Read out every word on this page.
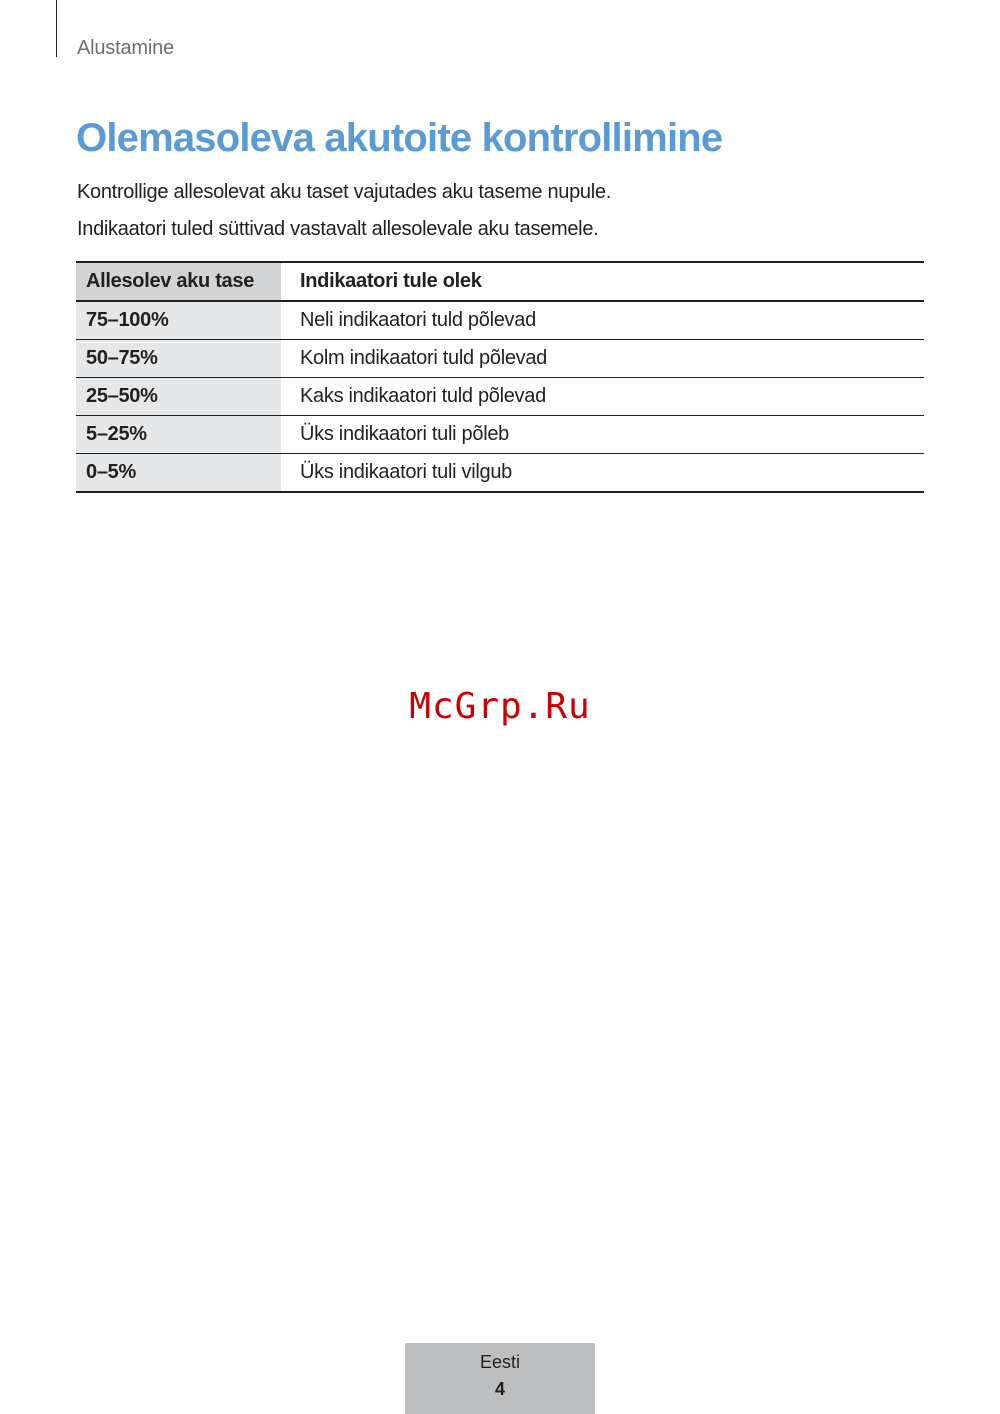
Alustamine
Olemasoleva akutoite kontrollimine

Kontrollige allesolevat aku taset vajutades aku taseme nupule.

Indikaatori tuled süttivad vastavalt allesolevale aku tasemele.

Allesolev aku tase	Indikaatori tule olek
75–100%	Neli indikaatori tuld põlevad
50–75%	Kolm indikaatori tuld põlevad
25–50%	Kaks indikaatori tuld põlevad
5–25%	Üks indikaatori tuli põleb
0–5%	Üks indikaatori tuli vilgub
McGrp.Ru
Eesti
4
